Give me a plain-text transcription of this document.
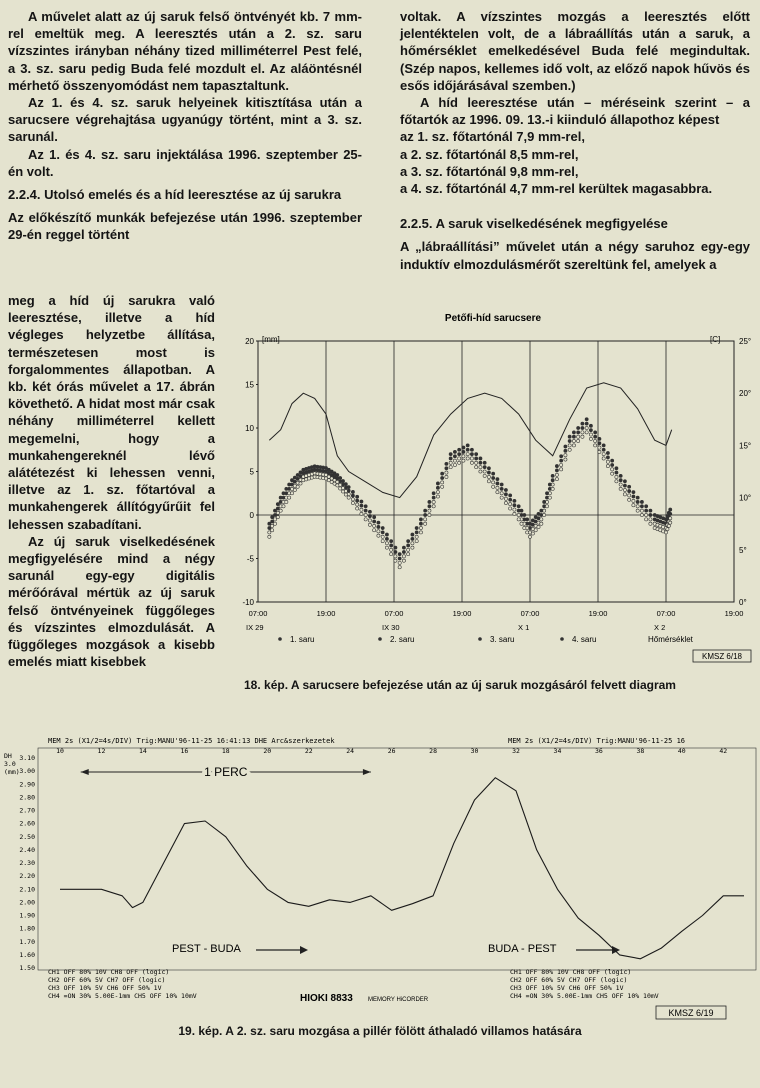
A művelet alatt az új saruk felső öntvényét kb. 7 mm-rel emeltük meg. A leeresztés után a 2. sz. saru vízszintes irányban néhány tized milliméterrel Pest felé, a 3. sz. saru pedig Buda felé mozdult el. Az aláöntésnél mérhető összenyomódást nem tapasztaltunk.

Az 1. és 4. sz. saruk helyeinek kitisztítása után a sarucsere végrehajtása ugyanúgy történt, mint a 3. sz. sarunál.

Az 1. és 4. sz. saru injektálása 1996. szeptember 25-én volt.

2.2.4. Utolsó emelés és a híd leeresztése az új sarukra

Az előkészítő munkák befejezése után 1996. szeptember 29-én reggel történt

meg a híd új sarukra való leeresztése, illetve a híd végleges helyzetbe állítása, természetesen most is forgalommentes állapotban. A kb. két órás művelet a 17. ábrán követhető. A hidat most már csak néhány milliméterrel kellett megemelni, hogy a munkahengereknél lévő alátétezést ki lehessen venni, illetve az 1. sz. főtartóval a munkahengerek állítógyűrűit fel lehessen szabadítani.

Az új saruk viselkedésének megfigyelésére mind a négy sarunál egy-egy digitális mérőórával mértük az új saruk felső öntvényeinek függőleges és vízszintes elmozdulását. A függőleges mozgások a kisebb emelés miatt kisebbek

voltak. A vízszintes mozgás a leeresztés előtt jelentéktelen volt, de a lábraállítás után a saruk, a hőmérséklet emelkedésével Buda felé megindultak. (Szép napos, kellemes idő volt, az előző napok hűvös és esős időjárásával szemben.)

A híd leeresztése után – méréseink szerint – a főtartók az 1996. 09. 13.-i kiinduló állapothoz képest

az 1. sz. főtartónál 7,9 mm-rel,

a 2. sz. főtartónál 8,5 mm-rel,

a 3. sz. főtartónál 9,8 mm-rel,

a 4. sz. főtartónál 4,7 mm-rel kerültek magasabbra.

2.2.5. A saruk viselkedésének megfigyelése

A „lábraállítási” művelet után a négy saruhoz egy-egy induktív elmozdulásmérőt szereltünk fel, amelyek a

Petőfi-híd sarucsere
[mm]	[C]
20
15
10
5
0
-5
-10
25°
20°
15°
10°
5°
0°
07:00	19:00	07:00	19:00	07:00	19:00	07:00	19:00
IX 29	IX 30	X 1	X 2
1. saru	2. saru	3. saru	4. saru	Hőmérséklet
KMSZ 6/18
18. kép. A sarucsere befejezése után az új saruk mozgásáról felvett diagram
MEM 2s (X1/2=4s/DIV) Trig:MANU'96-11-25 16:41:13 DHE Arc&szerkezetek	MEM 2s (X1/2=4s/DIV) Trig:MANU'96-11-25 16
DH 3.0 (mm)
3.10
3.00
2.90
2.80
2.70
2.60
2.50
2.40
2.30
2.20
2.10
2.00
1.90
1.80
1.70
1.60
1.50
10	12	14	16	18	20	22	24	26	28	30	32	34	36	38	40	42
1 PERC
PEST - BUDA	BUDA - PEST
CH1 OFF 80% 10V CH8 OFF (logic) CH2 OFF 60% 5V CH7 OFF (logic) CH3 OFF 10% 5V CH6 OFF 50% 1V CH4 =ON 30% 5.00E-1mm CH5 OFF 10% 10mV	HIOKI 8833	MEMORY HiCORDER
CH1 OFF 80% 10V CH8 OFF (logic) CH2 OFF 60% 5V CH7 OFF (logic) CH3 OFF 10% 5V CH6 OFF 50% 1V CH4 =ON 30% 5.00E-1mm CH5 OFF 10% 10mV
KMSZ 6/19
19. kép. A 2. sz. saru mozgása a pillér fölött áthaladó villamos hatására
